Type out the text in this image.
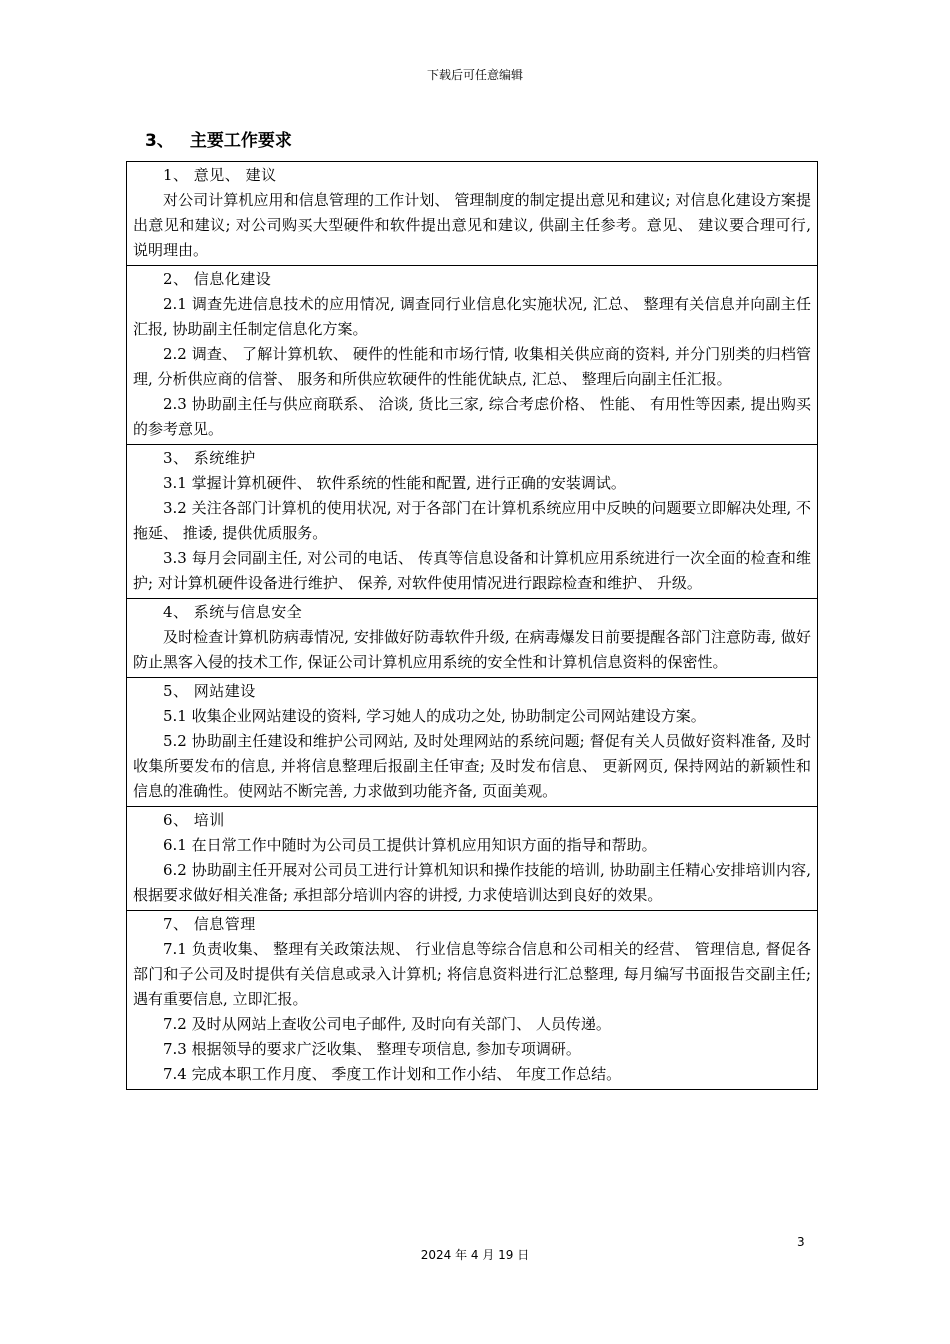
下载后可任意编辑
3、 主要工作要求

1、 意见、 建议

对公司计算机应用和信息管理的工作计划、 管理制度的制定提出意见和建议; 对信息化建设方案提出意见和建议; 对公司购买大型硬件和软件提出意见和建议, 供副主任参考。意见、 建议要合理可行, 说明理由。

2、 信息化建设

2.1 调查先进信息技术的应用情况, 调查同行业信息化实施状况, 汇总、 整理有关信息并向副主任汇报, 协助副主任制定信息化方案。

2.2 调查、 了解计算机软、 硬件的性能和市场行情, 收集相关供应商的资料, 并分门别类的归档管理, 分析供应商的信誉、 服务和所供应软硬件的性能优缺点, 汇总、 整理后向副主任汇报。

2.3 协助副主任与供应商联系、 洽谈, 货比三家, 综合考虑价格、 性能、 有用性等因素, 提出购买的参考意见。

3、 系统维护

3.1 掌握计算机硬件、 软件系统的性能和配置, 进行正确的安装调试。

3.2 关注各部门计算机的使用状况, 对于各部门在计算机系统应用中反映的问题要立即解决处理, 不拖延、 推诿, 提供优质服务。

3.3 每月会同副主任, 对公司的电话、 传真等信息设备和计算机应用系统进行一次全面的检查和维护; 对计算机硬件设备进行维护、 保养, 对软件使用情况进行跟踪检查和维护、 升级。

4、 系统与信息安全

及时检查计算机防病毒情况, 安排做好防毒软件升级, 在病毒爆发日前要提醒各部门注意防毒, 做好防止黑客入侵的技术工作, 保证公司计算机应用系统的安全性和计算机信息资料的保密性。

5、 网站建设

5.1 收集企业网站建设的资料, 学习她人的成功之处, 协助制定公司网站建设方案。

5.2 协助副主任建设和维护公司网站, 及时处理网站的系统问题; 督促有关人员做好资料准备, 及时收集所要发布的信息, 并将信息整理后报副主任审查; 及时发布信息、 更新网页, 保持网站的新颖性和信息的准确性。使网站不断完善, 力求做到功能齐备, 页面美观。

6、 培训

6.1 在日常工作中随时为公司员工提供计算机应用知识方面的指导和帮助。

6.2 协助副主任开展对公司员工进行计算机知识和操作技能的培训, 协助副主任精心安排培训内容, 根据要求做好相关准备; 承担部分培训内容的讲授, 力求使培训达到良好的效果。

7、 信息管理

7.1 负责收集、 整理有关政策法规、 行业信息等综合信息和公司相关的经营、 管理信息, 督促各部门和子公司及时提供有关信息或录入计算机; 将信息资料进行汇总整理, 每月编写书面报告交副主任; 遇有重要信息, 立即汇报。

7.2 及时从网站上查收公司电子邮件, 及时向有关部门、 人员传递。

7.3 根据领导的要求广泛收集、 整理专项信息, 参加专项调研。

7.4 完成本职工作月度、 季度工作计划和工作小结、 年度工作总结。

3
2024 年 4 月 19 日
